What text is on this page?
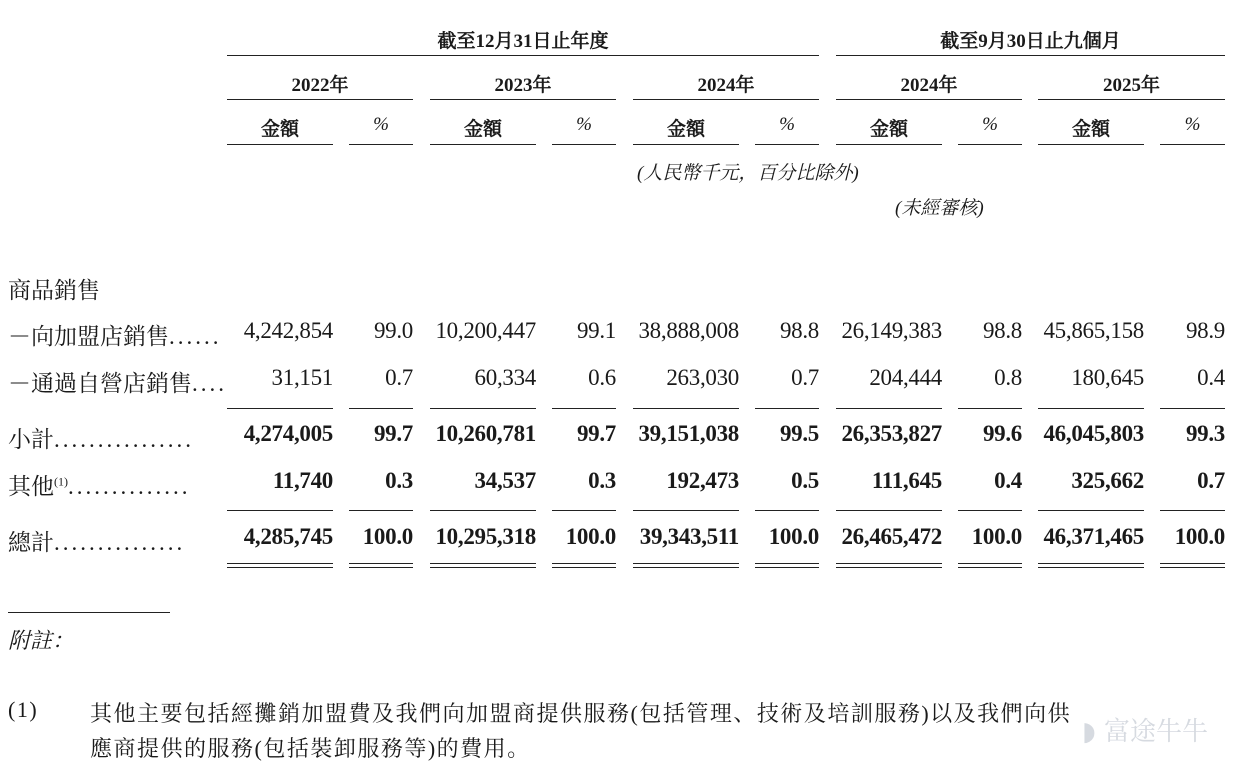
截至12月31日止年度	截至9月30日止九個月
2022年	2023年	2024年	2024年	2025年
金額	%	金額	%	金額	%	金額	%	金額	%
(人民幣千元，百分比除外)
(未經審核)
商品銷售
－向加盟店銷售...... 4,242,854 99.0 10,200,447 99.1 38,888,008 98.8 26,149,383 98.8 45,865,158 98.9
－通過自營店銷售.... 31,151 0.7	60,334 0.6 263,030 0.7 204,444 0.8 180,645 0.4
小計................ 4,274,005 99.7 10,260,781 99.7 39,151,038 99.5 26,353,827 99.6 46,045,803 99.3
其他$^{(1)}$..............	11,740 0.3	34,537 0.3 192,473 0.5 111,645 0.4 325,662 0.7
總計...............	4,285,745 100.0 10,295,318 100.0 39,343,511 100.0 26,465,472 100.0 46,371,465 100.0
附註：
(1) 其他主要包括經攤銷加盟費及我們向加盟商提供服務(包括管理、技術及培訓服務)以及我們向供
應商提供的服務(包括裝卸服務等)的費用。
◗ 富途牛牛
